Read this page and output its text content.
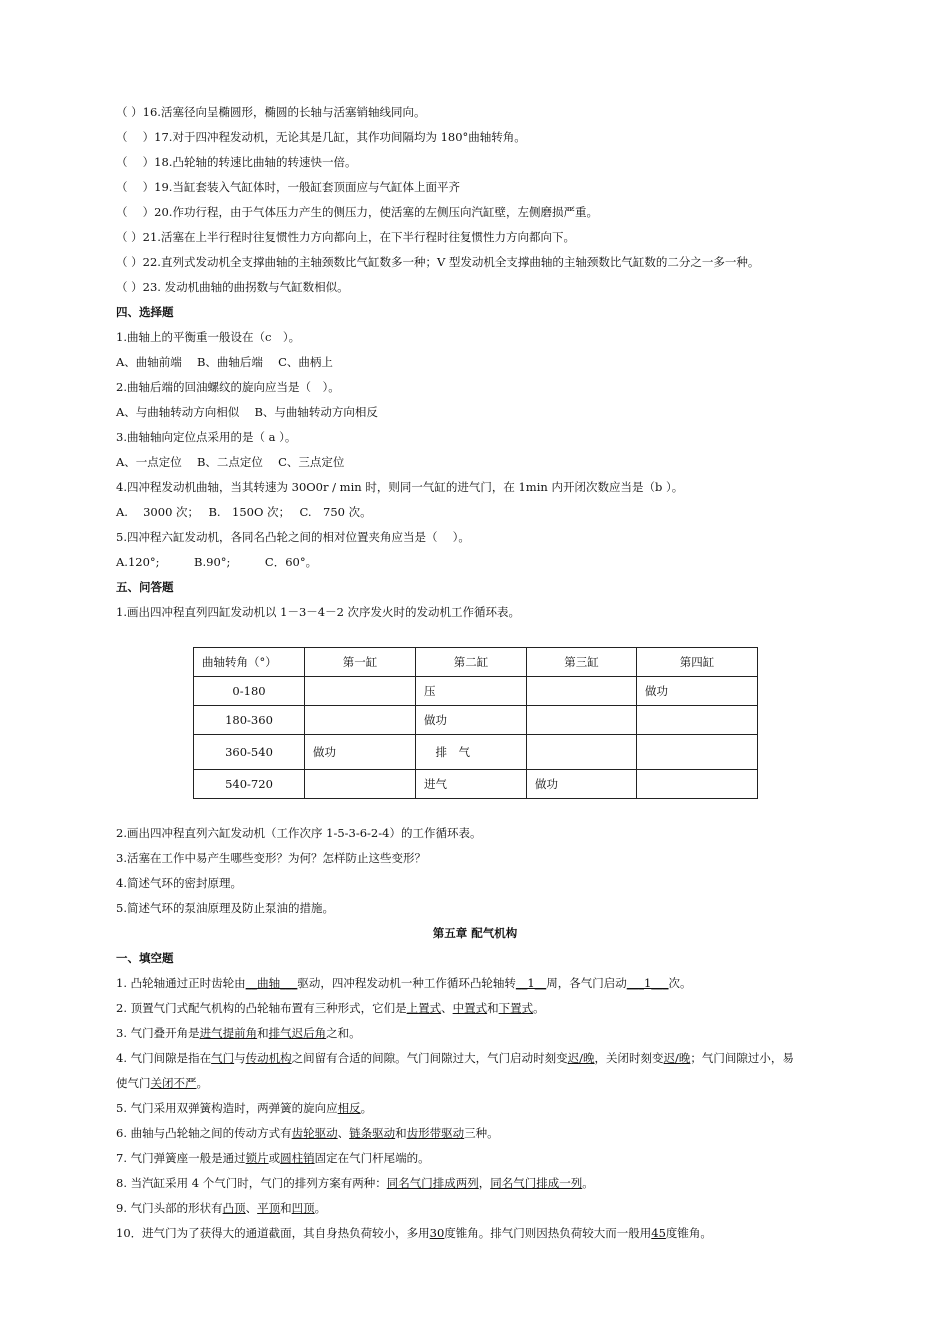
（ ）16.活塞径向呈椭圆形，椭圆的长轴与活塞销轴线同向。
（　 ）17.对于四冲程发动机，无论其是几缸，其作功间隔均为 180°曲轴转角。
（　 ）18.凸轮轴的转速比曲轴的转速快一倍。
（　 ）19.当缸套装入气缸体时，一般缸套顶面应与气缸体上面平齐
（　 ）20.作功行程，由于气体压力产生的侧压力，使活塞的左侧压向汽缸壁，左侧磨损严重。
（ ）21.活塞在上半行程时往复惯性力方向都向上，在下半行程时往复惯性力方向都向下。
（ ）22.直列式发动机全支撑曲轴的主轴颈数比气缸数多一种；V 型发动机全支撑曲轴的主轴颈数比气缸数的二分之一多一种。
（ ）23. 发动机曲轴的曲拐数与气缸数相似。
四、选择题
1.曲轴上的平衡重一般设在（c　）。
A、曲轴前端　 B、曲轴后端　 C、曲柄上
2.曲轴后端的回油螺纹的旋向应当是（　）。
A、与曲轴转动方向相似　 B、与曲轴转动方向相反
3.曲轴轴向定位点采用的是（ a ）。
A、一点定位　 B、二点定位　 C、三点定位
4.四冲程发动机曲轴，当其转速为 30O0r / min 时，则同一气缸的进气门，在 1min 内开闭次数应当是（b ）。
A.　 3000 次；　 B.　150O 次；　 C.　750 次。
5.四冲程六缸发动机，各同名凸轮之间的相对位置夹角应当是（　 ）。
A.120°;　　　B.90°;　　　C．60°。
五、问答题
1.画出四冲程直列四缸发动机以 1－3－4－2 次序发火时的发动机工作循环表。
曲轴转角（°）	第一缸	第二缸	第三缸	第四缸
0-180		压		做功
180-360		做功		
360-540	做功	　排　气		
540-720		进气	做功	
2.画出四冲程直列六缸发动机（工作次序 1-5-3-6-2-4）的工作循环表。
3.活塞在工作中易产生哪些变形？为何？怎样防止这些变形？
4.简述气环的密封原理。
5.简述气环的泵油原理及防止泵油的措施。
第五章 配气机构
一、填空题
1. 凸轮轴通过正时齿轮由__曲轴___驱动，四冲程发动机一种工作循环凸轮轴转__1__周，各气门启动___1___次。
2. 顶置气门式配气机构的凸轮轴布置有三种形式，它们是上置式、中置式和下置式。
3. 气门叠开角是进气提前角和排气迟后角之和。
4. 气门间隙是指在气门与传动机构之间留有合适的间隙。气门间隙过大，气门启动时刻变迟/晚，关闭时刻变迟/晚；气门间隙过小，易
使气门关闭不严。
5. 气门采用双弹簧构造时，两弹簧的旋向应相反。
6. 曲轴与凸轮轴之间的传动方式有齿轮驱动、链条驱动和齿形带驱动三种。
7. 气门弹簧座一般是通过锁片或圆柱销固定在气门杆尾端的。
8. 当汽缸采用 4 个气门时，气门的排列方案有两种：同名气门排成两列，同名气门排成一列。
9. 气门头部的形状有凸顶、平顶和凹顶。
10．进气门为了获得大的通道截面，其自身热负荷较小，多用30度锥角。排气门则因热负荷较大而一般用45度锥角。
